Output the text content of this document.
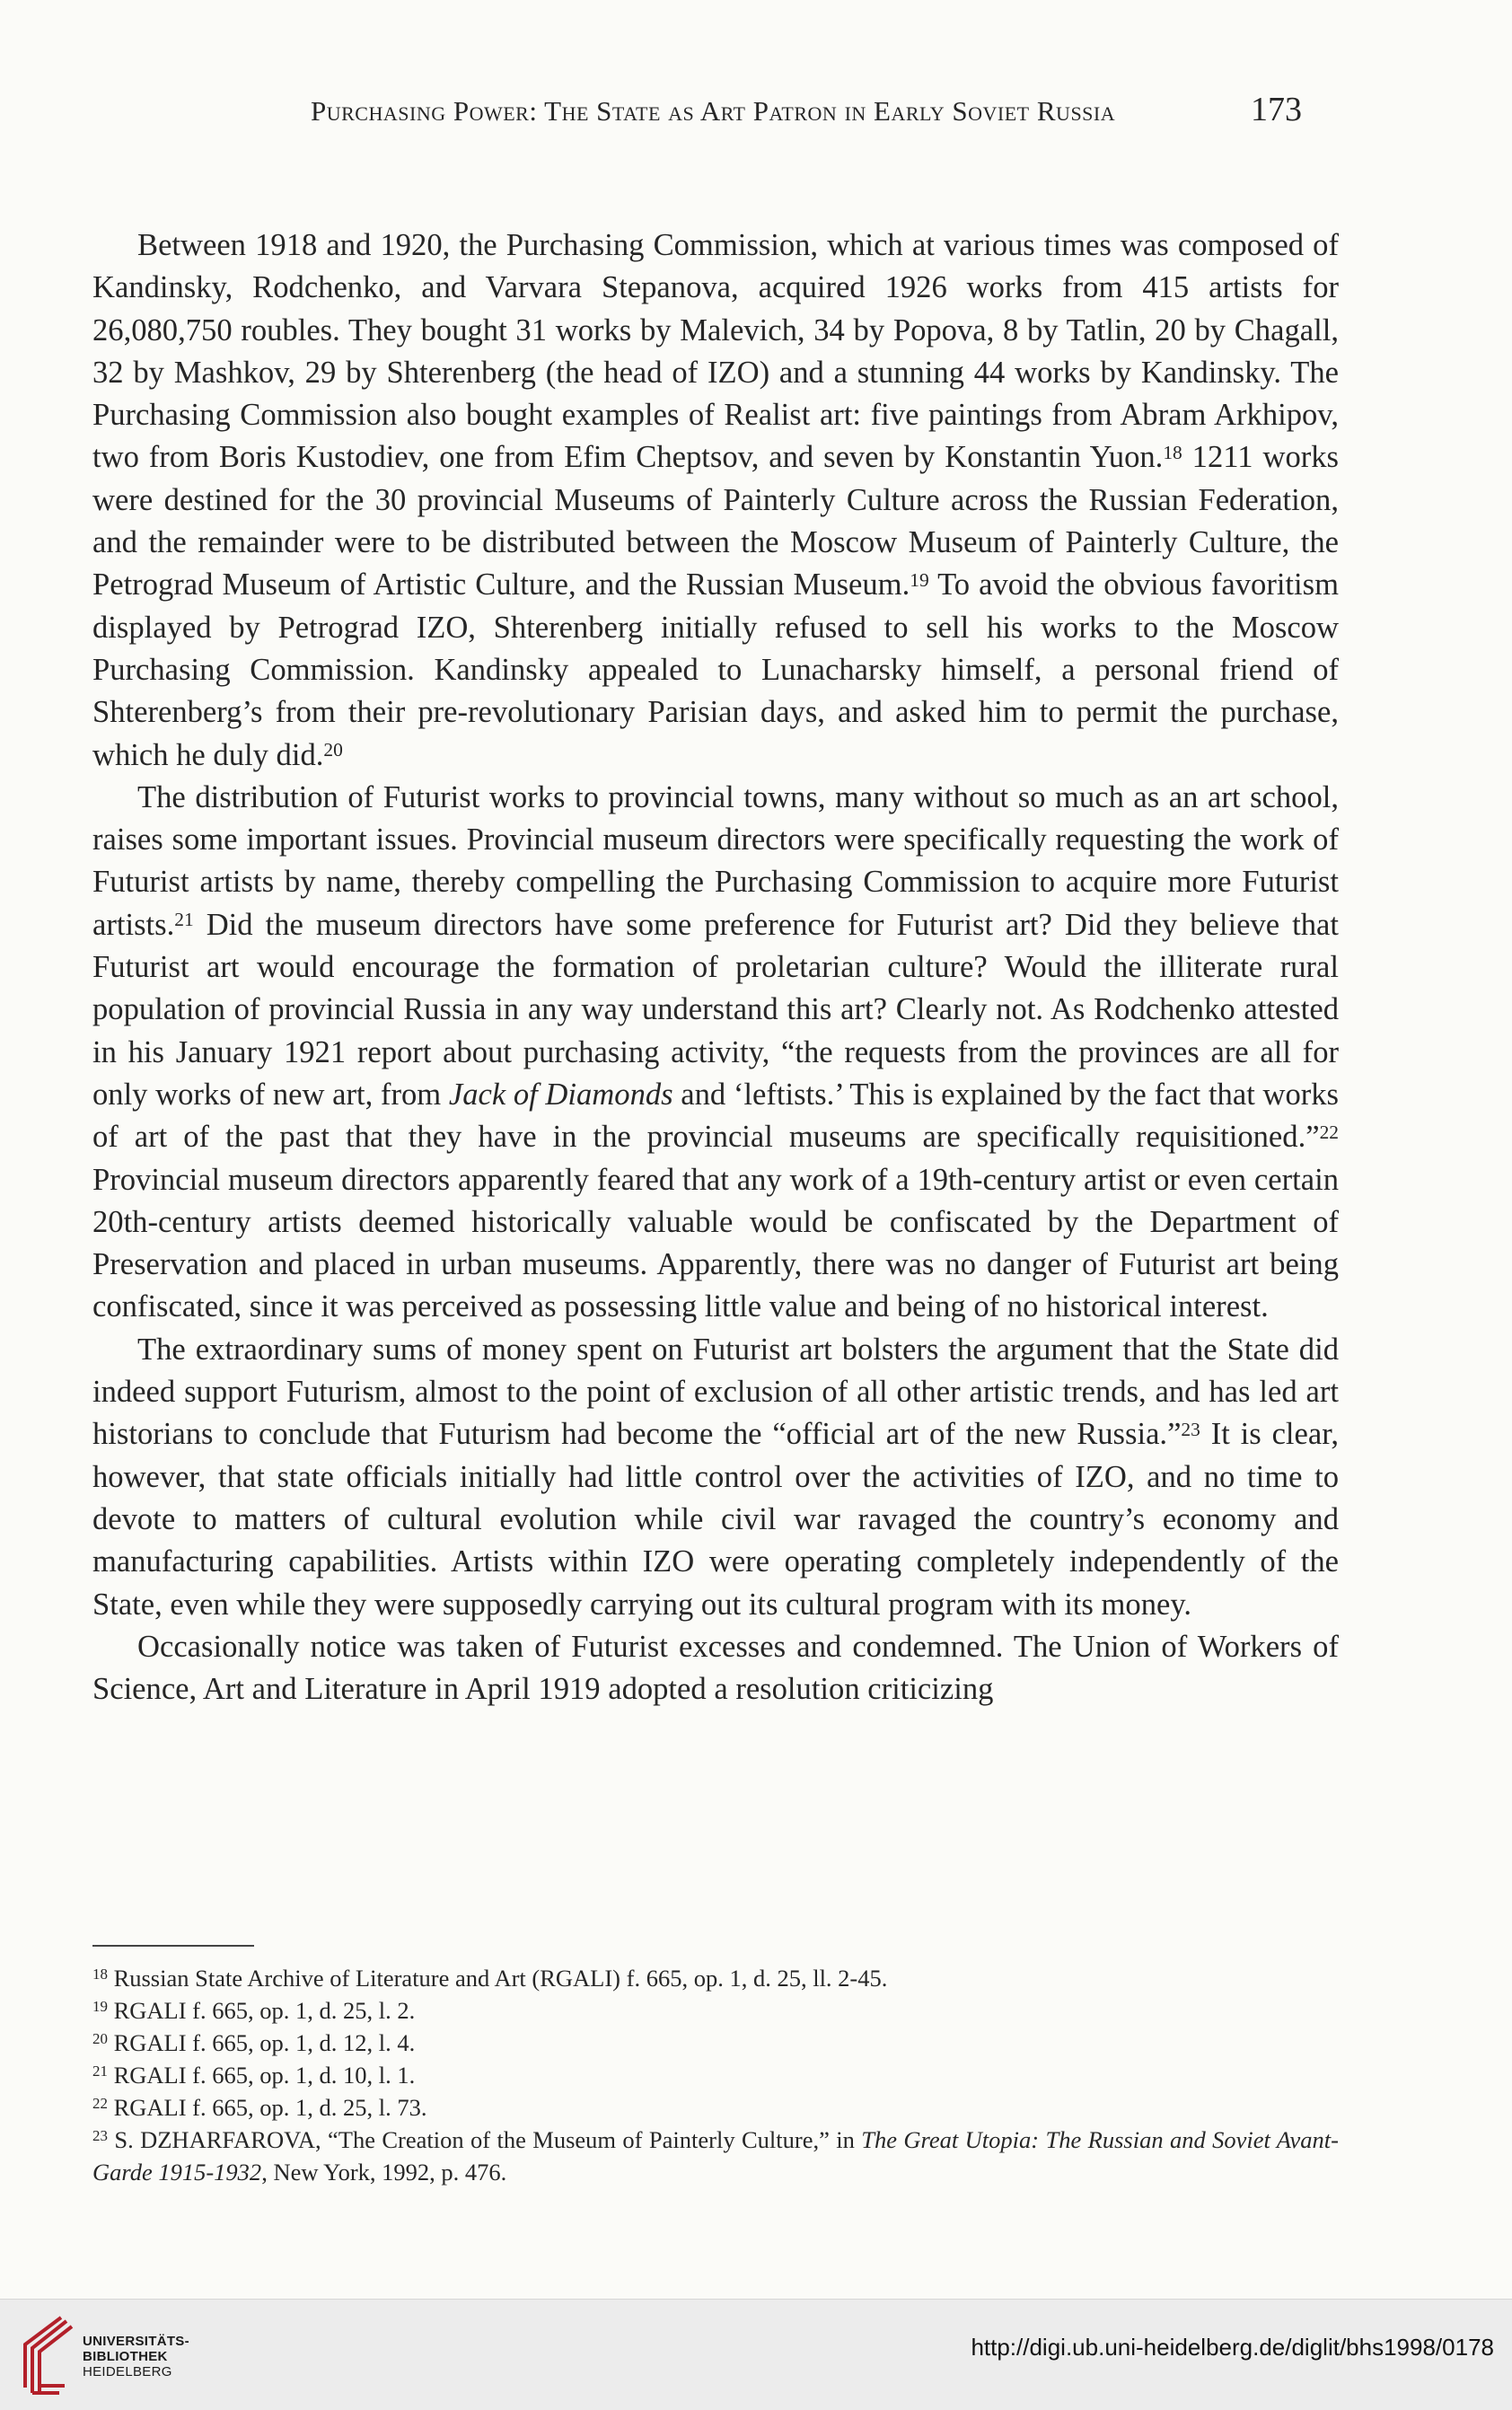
Purchasing Power: The State as Art Patron in Early Soviet Russia	173

Between 1918 and 1920, the Purchasing Commission, which at various times was composed of Kandinsky, Rodchenko, and Varvara Stepanova, acquired 1926 works from 415 artists for 26,080,750 roubles. They bought 31 works by Malevich, 34 by Popova, 8 by Tatlin, 20 by Chagall, 32 by Mashkov, 29 by Shterenberg (the head of IZO) and a stunning 44 works by Kandinsky. The Purchasing Commission also bought examples of Realist art: five paintings from Abram Arkhipov, two from Boris Kustodiev, one from Efim Cheptsov, and seven by Konstantin Yuon.$^{18}$ 1211 works were destined for the 30 provincial Museums of Painterly Culture across the Russian Federation, and the remainder were to be distributed between the Moscow Museum of Painterly Culture, the Petrograd Museum of Artistic Culture, and the Russian Museum.$^{19}$ To avoid the obvious favoritism displayed by Petrograd IZO, Shterenberg initially refused to sell his works to the Moscow Purchasing Commission. Kandinsky appealed to Lunacharsky himself, a personal friend of Shterenberg’s from their pre-revolutionary Parisian days, and asked him to permit the purchase, which he duly did.$^{20}$

The distribution of Futurist works to provincial towns, many without so much as an art school, raises some important issues. Provincial museum directors were specifically requesting the work of Futurist artists by name, thereby compelling the Purchasing Commission to acquire more Futurist artists.$^{21}$ Did the museum directors have some preference for Futurist art? Did they believe that Futurist art would encourage the formation of proletarian culture? Would the illiterate rural population of provincial Russia in any way understand this art? Clearly not. As Rodchenko attested in his January 1921 report about purchasing activity, “the requests from the provinces are all for only works of new art, from Jack of Diamonds and ‘leftists.’ This is explained by the fact that works of art of the past that they have in the provincial museums are specifically requisitioned.”$^{22}$ Provincial museum directors apparently feared that any work of a 19th-century artist or even certain 20th-century artists deemed historically valuable would be confiscated by the Department of Preservation and placed in urban museums. Apparently, there was no danger of Futurist art being confiscated, since it was perceived as possessing little value and being of no historical interest.

The extraordinary sums of money spent on Futurist art bolsters the argument that the State did indeed support Futurism, almost to the point of exclusion of all other artistic trends, and has led art historians to conclude that Futurism had become the “official art of the new Russia.”$^{23}$ It is clear, however, that state officials initially had little control over the activities of IZO, and no time to devote to matters of cultural evolution while civil war ravaged the country’s economy and manufacturing capabilities. Artists within IZO were operating completely independently of the State, even while they were supposedly carrying out its cultural program with its money.

Occasionally notice was taken of Futurist excesses and condemned. The Union of Workers of Science, Art and Literature in April 1919 adopted a resolution criticizing

$^{18}$ Russian State Archive of Literature and Art (RGALI) f. 665, op. 1, d. 25, ll. 2-45.

$^{19}$ RGALI f. 665, op. 1, d. 25, l. 2.

$^{20}$ RGALI f. 665, op. 1, d. 12, l. 4.

$^{21}$ RGALI f. 665, op. 1, d. 10, l. 1.

$^{22}$ RGALI f. 665, op. 1, d. 25, l. 73.

$^{23}$ S. DZHARFAROVA, “The Creation of the Museum of Painterly Culture,” in The Great Utopia: The Russian and Soviet Avant-Garde 1915-1932, New York, 1992, p. 476.

UNIVERSITÄTS-
BIBLIOTHEK
HEIDELBERG
http://digi.ub.uni-heidelberg.de/diglit/bhs1998/0178
